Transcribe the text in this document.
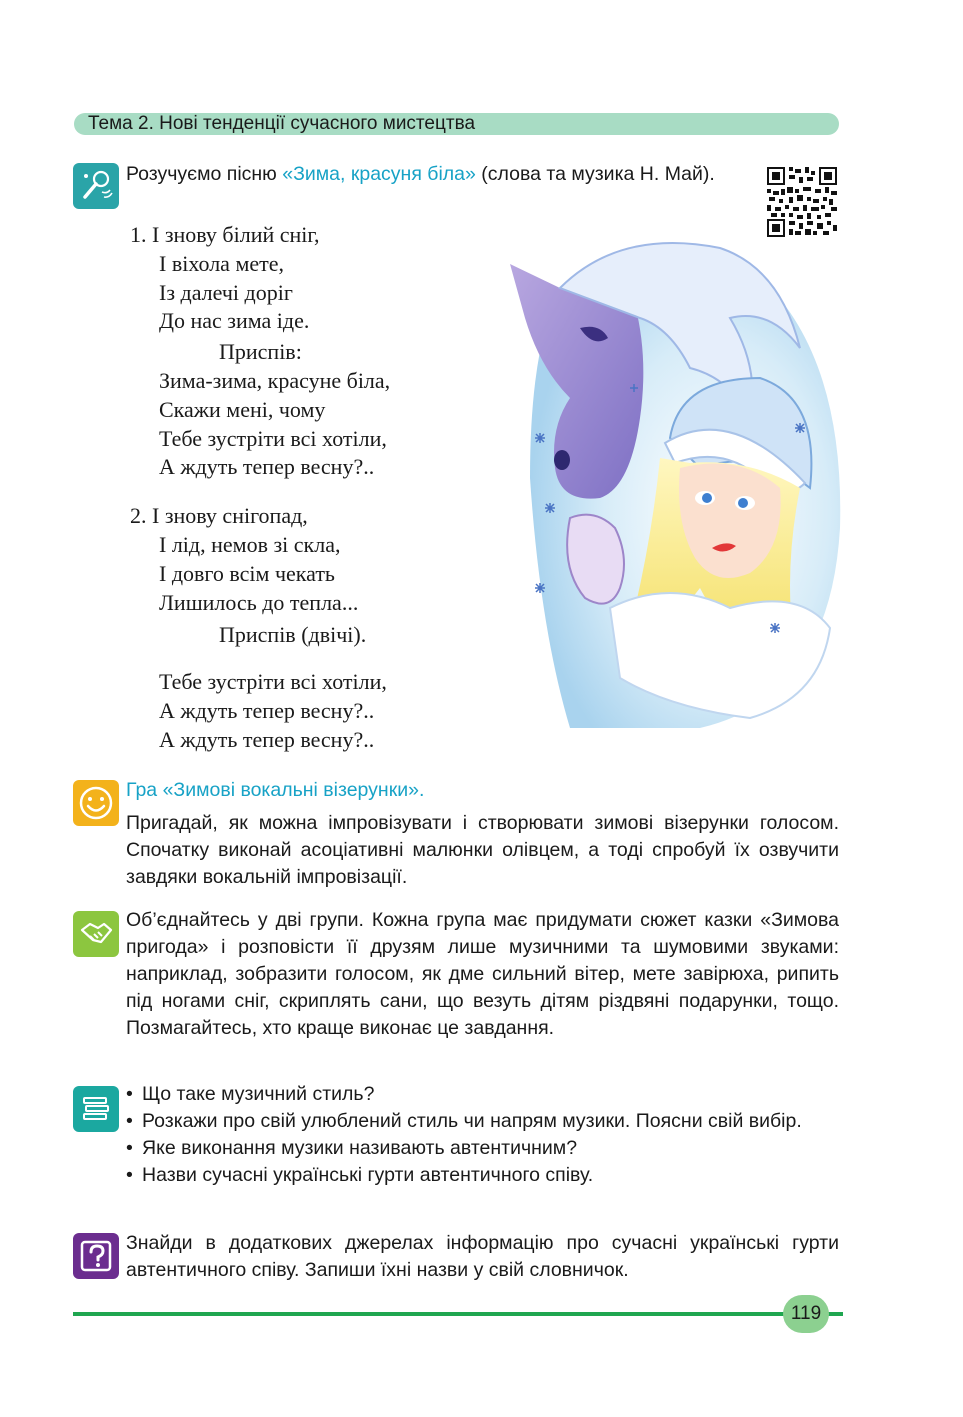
Тема 2. Нові тенденції сучасного мистецтва
Розучуємо пісню «Зима, красуня біла» (слова та музика Н. Май).
1. І знову білий сніг,
І віхола мете,
Із далечі доріг
До нас зима іде.
Приспів:
Зима-зима, красуне біла,
Скажи мені, чому
Тебе зустріти всі хотіли,
А ждуть тепер весну?..
2. І знову снігопад,
І лід, немов зі скла,
І довго всім чекать
Лишилось до тепла...
Приспів (двічі).
Тебе зустріти всі хотіли,
А ждуть тепер весну?..
А ждуть тепер весну?..
Гра «Зимові вокальні візерунки».
Пригадай, як можна імпровізувати і створювати зимові візерунки голосом. Спочатку виконай асоціативні малюнки олівцем, а тоді спробуй їх озвучити завдяки вокальній імпровізації.
Об’єднайтесь у дві групи. Кожна група має придумати сюжет казки «Зимова пригода» і розповісти її друзям лише музичними та шумовими звуками: наприклад, зобразити голосом, як дме сильний вітер, мете завірюха, рипить під ногами сніг, скриплять сани, що везуть дітям різдвяні подарунки, тощо. Позмагайтесь, хто краще виконає це завдання.
• Що таке музичний стиль?
• Розкажи про свій улюблений стиль чи напрям музики. Поясни свій вибір.
• Яке виконання музики називають автентичним?
• Назви сучасні українські гурти автентичного співу.
Знайди в додаткових джерелах інформацію про сучасні українські гурти автентичного співу. Запиши їхні назви у свій словничок.
119
